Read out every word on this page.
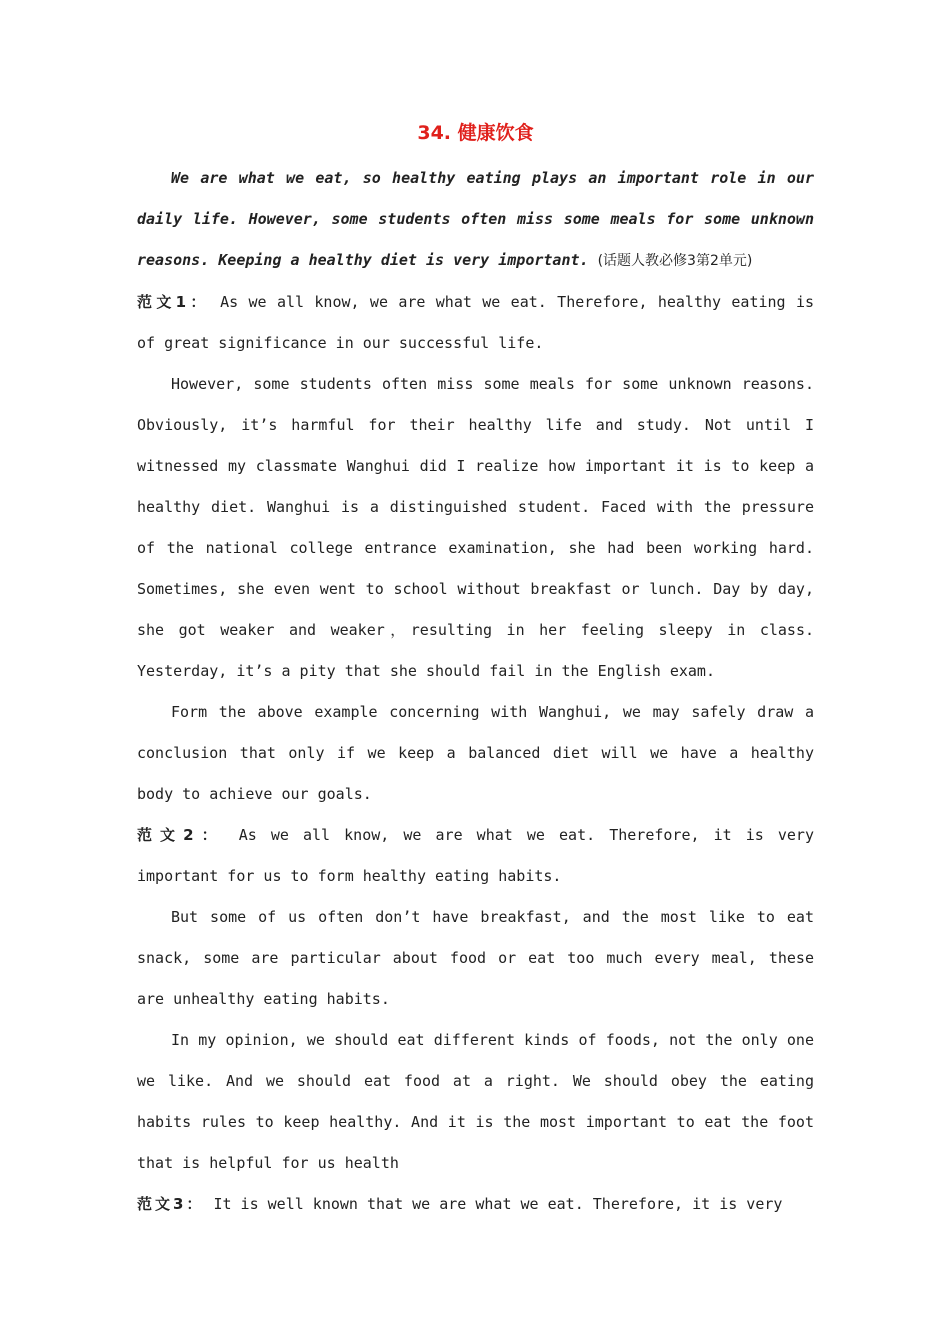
34. 健康饮食

We are what we eat, so healthy eating plays an important role in our daily life. However, some students often miss some meals for some unknown reasons. Keeping a healthy diet is very important. (话题人教必修3第2单元)

范文1： As we all know, we are what we eat. Therefore, healthy eating is of great significance in our successful life.

However, some students often miss some meals for some unknown reasons. Obviously, it’s harmful for their healthy life and study. Not until I witnessed my classmate Wanghui did I realize how important it is to keep a healthy diet. Wanghui is a distinguished student. Faced with the pressure of the national college entrance examination, she had been working hard. Sometimes, she even went to school without breakfast or lunch. Day by day, she got weaker and weaker，resulting in her feeling sleepy in class. Yesterday, it’s a pity that she should fail in the English exam.

Form the above example concerning with Wanghui, we may safely draw a conclusion that only if we keep a balanced diet will we have a healthy body to achieve our goals.

范文2： As we all know, we are what we eat. Therefore, it is very important for us to form healthy eating habits.

But some of us often don’t have breakfast, and the most like to eat snack, some are particular about food or eat too much every meal, these are unhealthy eating habits.

In my opinion, we should eat different kinds of foods, not the only one we like. And we should eat food at a right. We should obey the eating habits rules to keep healthy. And it is the most important to eat the foot that is helpful for us health

范文3： It is well known that we are what we eat. Therefore, it is very
